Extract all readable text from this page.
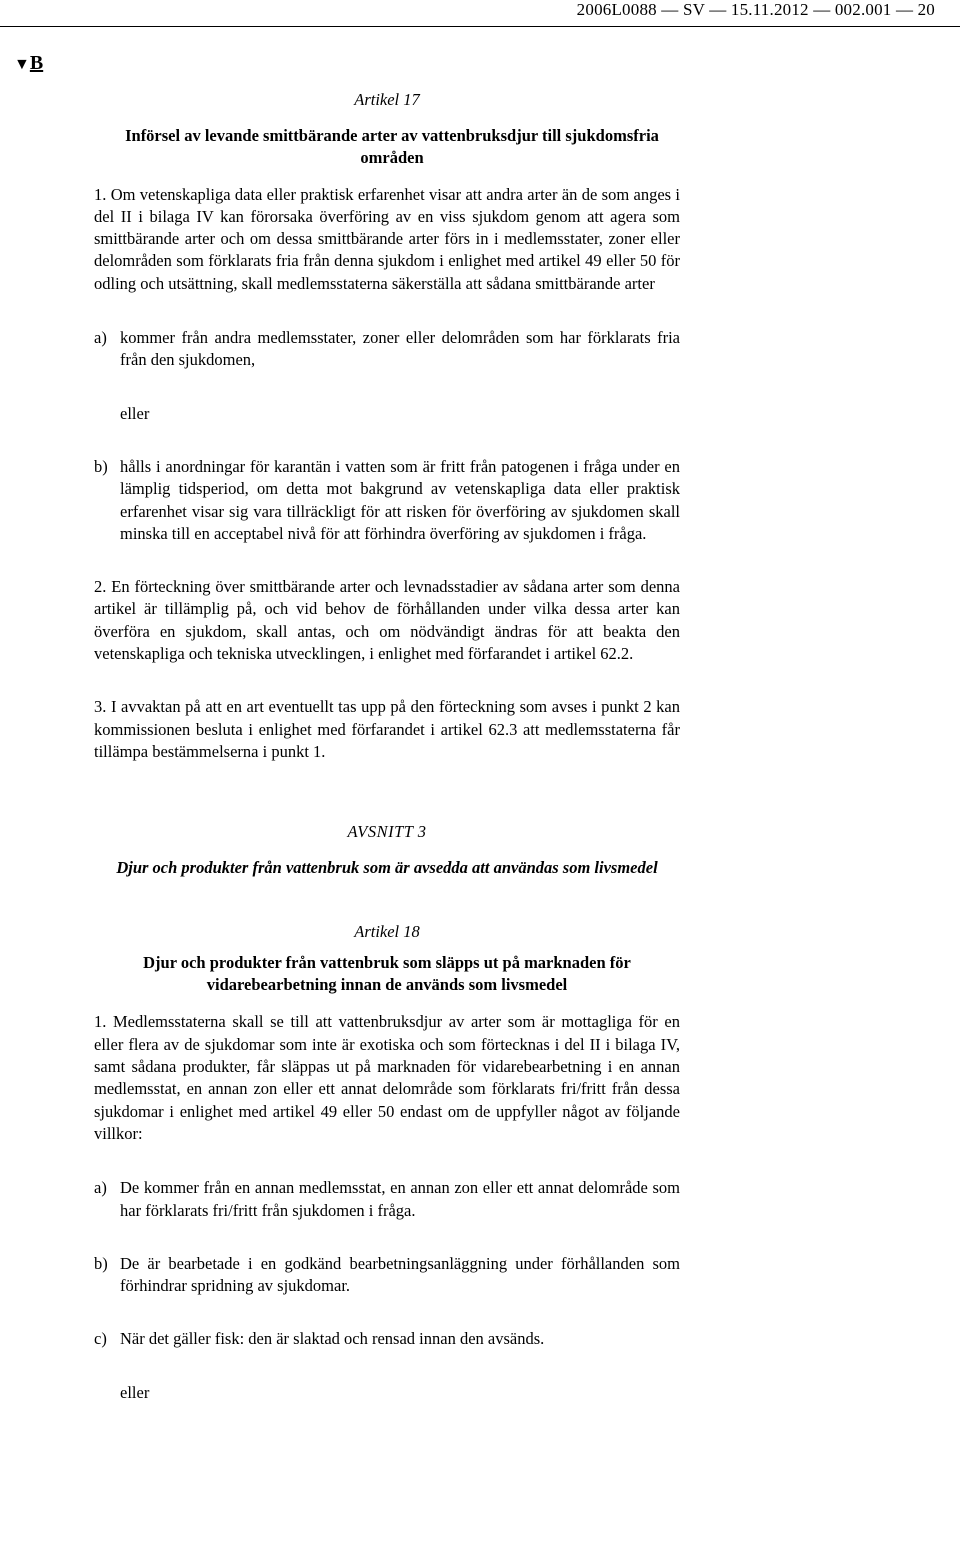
2006L0088 — SV — 15.11.2012 — 002.001 — 20
▼B

Artikel 17

Införsel av levande smittbärande arter av vattenbruksdjur till sjukdomsfria områden

1. Om vetenskapliga data eller praktisk erfarenhet visar att andra arter än de som anges i del II i bilaga IV kan förorsaka överföring av en viss sjukdom genom att agera som smittbärande arter och om dessa smittbärande arter förs in i medlemsstater, zoner eller delområden som förklarats fria från denna sjukdom i enlighet med artikel 49 eller 50 för odling och utsättning, skall medlemsstaterna säkerställa att sådana smittbärande arter

a) kommer från andra medlemsstater, zoner eller delområden som har förklarats fria från den sjukdomen,

eller

b) hålls i anordningar för karantän i vatten som är fritt från patogenen i fråga under en lämplig tidsperiod, om detta mot bakgrund av vetenskapliga data eller praktisk erfarenhet visar sig vara tillräckligt för att risken för överföring av sjukdomen skall minska till en acceptabel nivå för att förhindra överföring av sjukdomen i fråga.

2. En förteckning över smittbärande arter och levnadsstadier av sådana arter som denna artikel är tillämplig på, och vid behov de förhållanden under vilka dessa arter kan överföra en sjukdom, skall antas, och om nödvändigt ändras för att beakta den vetenskapliga och tekniska utvecklingen, i enlighet med förfarandet i artikel 62.2.

3. I avvaktan på att en art eventuellt tas upp på den förteckning som avses i punkt 2 kan kommissionen besluta i enlighet med förfarandet i artikel 62.3 att medlemsstaterna får tillämpa bestämmelserna i punkt 1.

AVSNITT 3

Djur och produkter från vattenbruk som är avsedda att användas som livsmedel

Artikel 18

Djur och produkter från vattenbruk som släpps ut på marknaden för vidarebearbetning innan de används som livsmedel

1. Medlemsstaterna skall se till att vattenbruksdjur av arter som är mottagliga för en eller flera av de sjukdomar som inte är exotiska och som förtecknas i del II i bilaga IV, samt sådana produkter, får släppas ut på marknaden för vidarebearbetning i en annan medlemsstat, en annan zon eller ett annat delområde som förklarats fri/fritt från dessa sjukdomar i enlighet med artikel 49 eller 50 endast om de uppfyller något av följande villkor:

a) De kommer från en annan medlemsstat, en annan zon eller ett annat delområde som har förklarats fri/fritt från sjukdomen i fråga.
b) De är bearbetade i en godkänd bearbetningsanläggning under förhållanden som förhindrar spridning av sjukdomar.
c) När det gäller fisk: den är slaktad och rensad innan den avsänds.

eller
